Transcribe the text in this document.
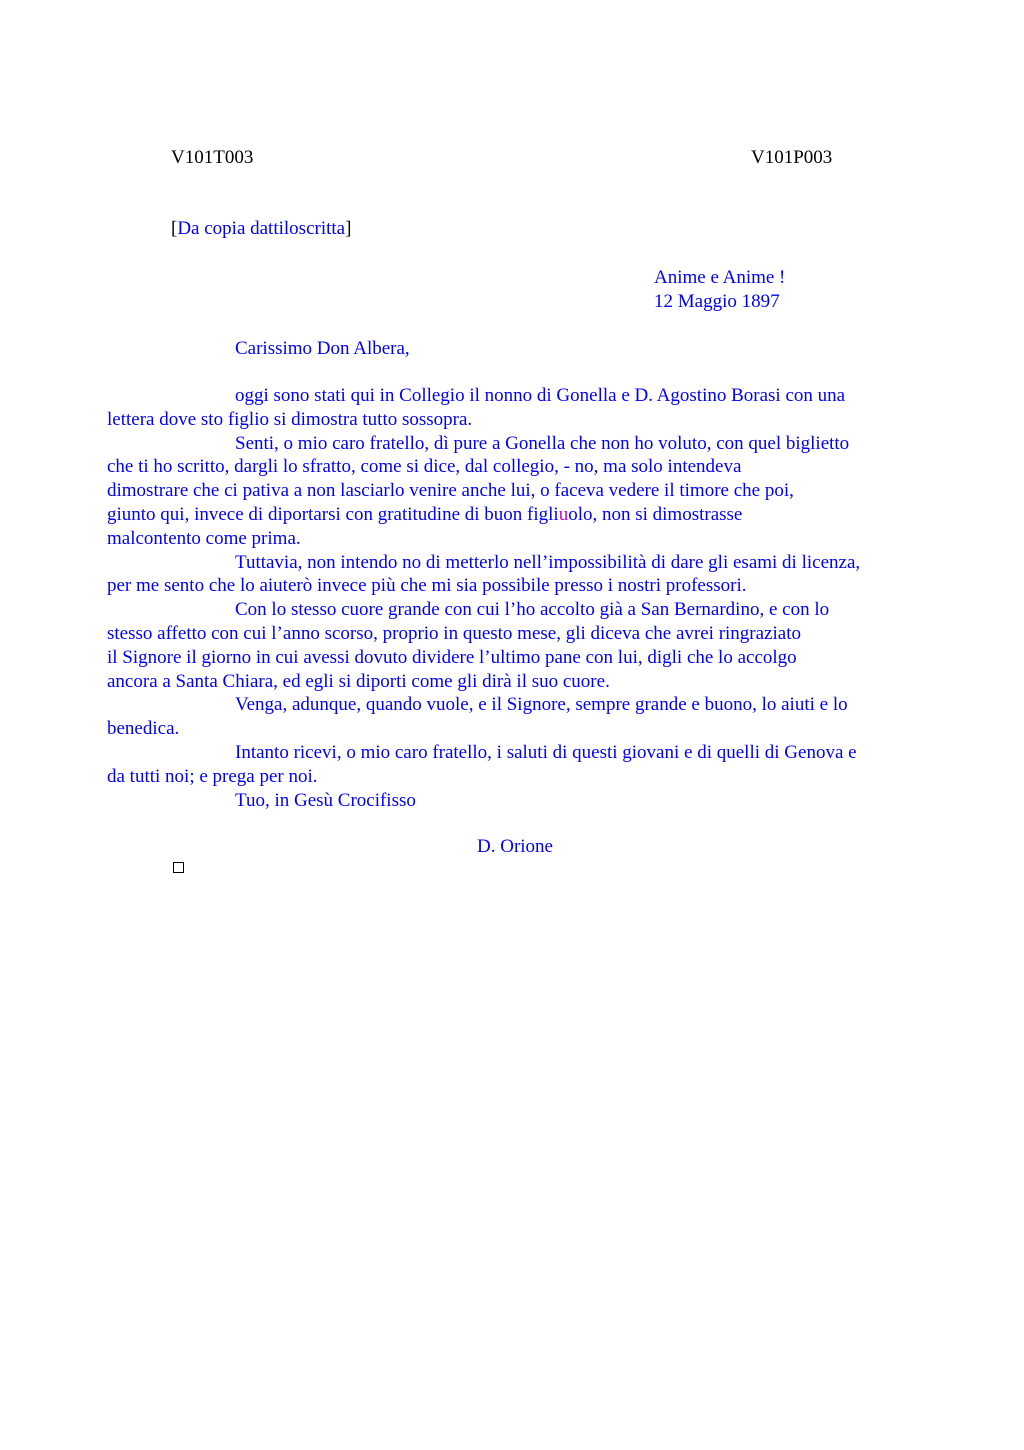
V101T003	V101P003
[Da copia dattiloscritta]
Anime e Anime !
12 Maggio 1897
Carissimo Don Albera,

oggi sono stati qui in Collegio il nonno di Gonella e D. Agostino Borasi con una
lettera dove sto figlio si dimostra tutto sossopra.

Senti, o mio caro fratello, dì pure a Gonella che non ho voluto, con quel biglietto
che ti ho scritto, dargli lo sfratto, come si dice, dal collegio, - no, ma solo intendeva
dimostrare che ci pativa a non lasciarlo venire anche lui, o faceva vedere il timore che poi,
giunto qui, invece di diportarsi con gratitudine di buon figliuolo, non si dimostrasse
malcontento come prima.

Tuttavia, non intendo no di metterlo nell’impossibilità di dare gli esami di licenza,
per me sento che lo aiuterò invece più che mi sia possibile presso i nostri professori.

Con lo stesso cuore grande con cui l’ho accolto già a San Bernardino, e con lo
stesso affetto con cui l’anno scorso, proprio in questo mese, gli diceva che avrei ringraziato
il Signore il giorno in cui avessi dovuto dividere l’ultimo pane con lui, digli che lo accolgo
ancora a Santa Chiara, ed egli si diporti come gli dirà il suo cuore.

Venga, adunque, quando vuole, e il Signore, sempre grande e buono, lo aiuti e lo
benedica.

Intanto ricevi, o mio caro fratello, i saluti di questi giovani e di quelli di Genova e
da tutti noi; e prega per noi.

Tuo, in Gesù Crocifisso

D. Orione
